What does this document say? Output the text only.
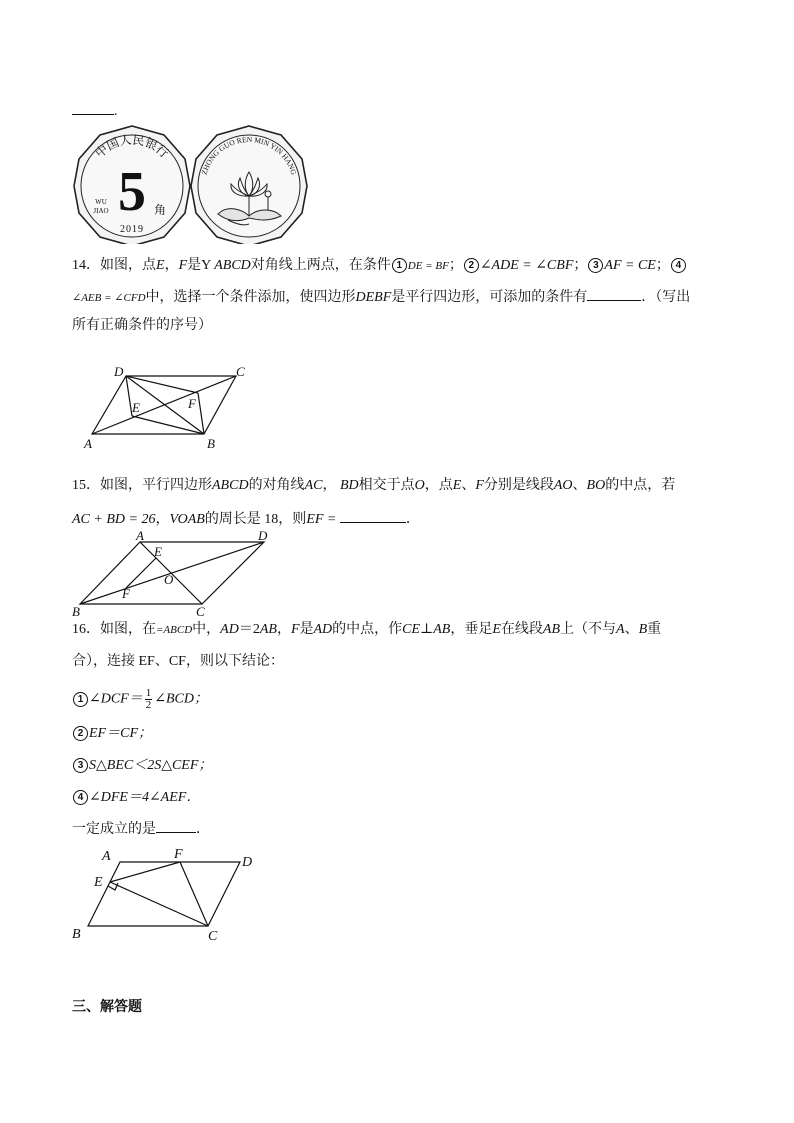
.
中国人民银行
5 角
WU
JIAO
2019
ZHONG GUO REN MIN YIN HANG
14．如图，点E，F是Y ABCD对角线上两点，在条件 1 DE = BF； 2 ∠ADE = ∠CBF； 3 AF = CE； 4
∠AEB = ∠CFD中，选择一个条件添加，使四边形DEBF是平行四边形，可添加的条件有	．（写出
所有正确条件的序号）
D	C
E	F
A	B
15．如图，平行四边形ABCD的对角线AC， BD相交于点O，点E、F分别是线段AO、BO的中点，若
AC + BD = 26，VOAB的周长是 18，则EF =	．
A	D
E
O
F
B	C
16．如图，在=ABCD中，AD＝2AB，F是AD的中点，作CE⊥AB，垂足E在线段AB上（不与A、B重
合），连接 EF、CF，则以下结论：
1 ∠DCF＝ $\frac{1}{2}$ ∠BCD；
2 EF＝CF；
3 S△BEC＜2S△CEF；
4 ∠DFE＝4∠AEF．
一定成立的是	．
A	F
D
E
B	C
三、解答题
